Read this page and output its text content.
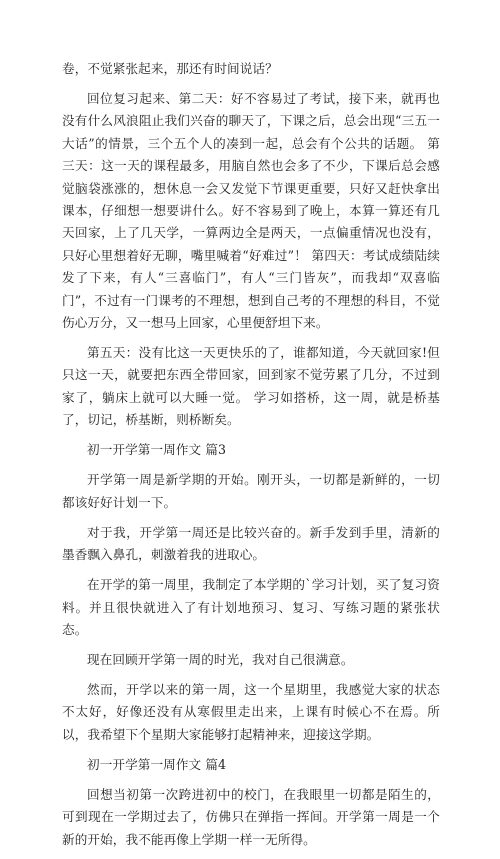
卷，不觉紧张起来，那还有时间说话？

回位复习起来、第二天：好不容易过了考试，接下来，就再也没有什么风浪阻止我们兴奋的聊天了，下课之后，总会出现“三五一大话”的情景，三个五个人的凑到一起，总会有个公共的话题。 第三天：这一天的课程最多，用脑自然也会多了不少，下课后总会感觉脑袋涨涨的，想休息一会又发觉下节课更重要，只好又赶快拿出课本，仔细想一想要讲什么。好不容易到了晚上，本算一算还有几天回家，上了几天学，一算两边全是两天，一点偏重情况也没有，只好心里想着好无聊，嘴里喊着“好难过”！ 第四天：考试成绩陆续发了下来，有人“三喜临门”，有人“三门皆灰”，而我却“双喜临门”，不过有一门课考的不理想，想到自己考的不理想的科目，不觉伤心万分，又一想马上回家，心里便舒坦下来。

第五天：没有比这一天更快乐的了，谁都知道，今天就回家!但只这一天，就要把东西全带回家，回到家不觉劳累了几分，不过到家了，躺床上就可以大睡一觉。 学习如搭桥，这一周，就是桥基了，切记，桥基断，则桥断矣。

初一开学第一周作文 篇3

开学第一周是新学期的开始。刚开头，一切都是新鲜的，一切都该好好计划一下。

对于我，开学第一周还是比较兴奋的。新手发到手里，清新的墨香飘入鼻孔，刺激着我的进取心。

在开学的第一周里，我制定了本学期的`学习计划，买了复习资料。并且很快就进入了有计划地预习、复习、写练习题的紧张状态。

现在回顾开学第一周的时光，我对自己很满意。

然而，开学以来的第一周，这一个星期里，我感觉大家的状态不太好，好像还没有从寒假里走出来，上课有时候心不在焉。所以，我希望下个星期大家能够打起精神来，迎接这学期。

初一开学第一周作文 篇4

回想当初第一次跨进初中的校门，在我眼里一切都是陌生的，可到现在一学期过去了，仿佛只在弹指一挥间。开学第一周是一个新的开始，我不能再像上学期一样一无所得。
